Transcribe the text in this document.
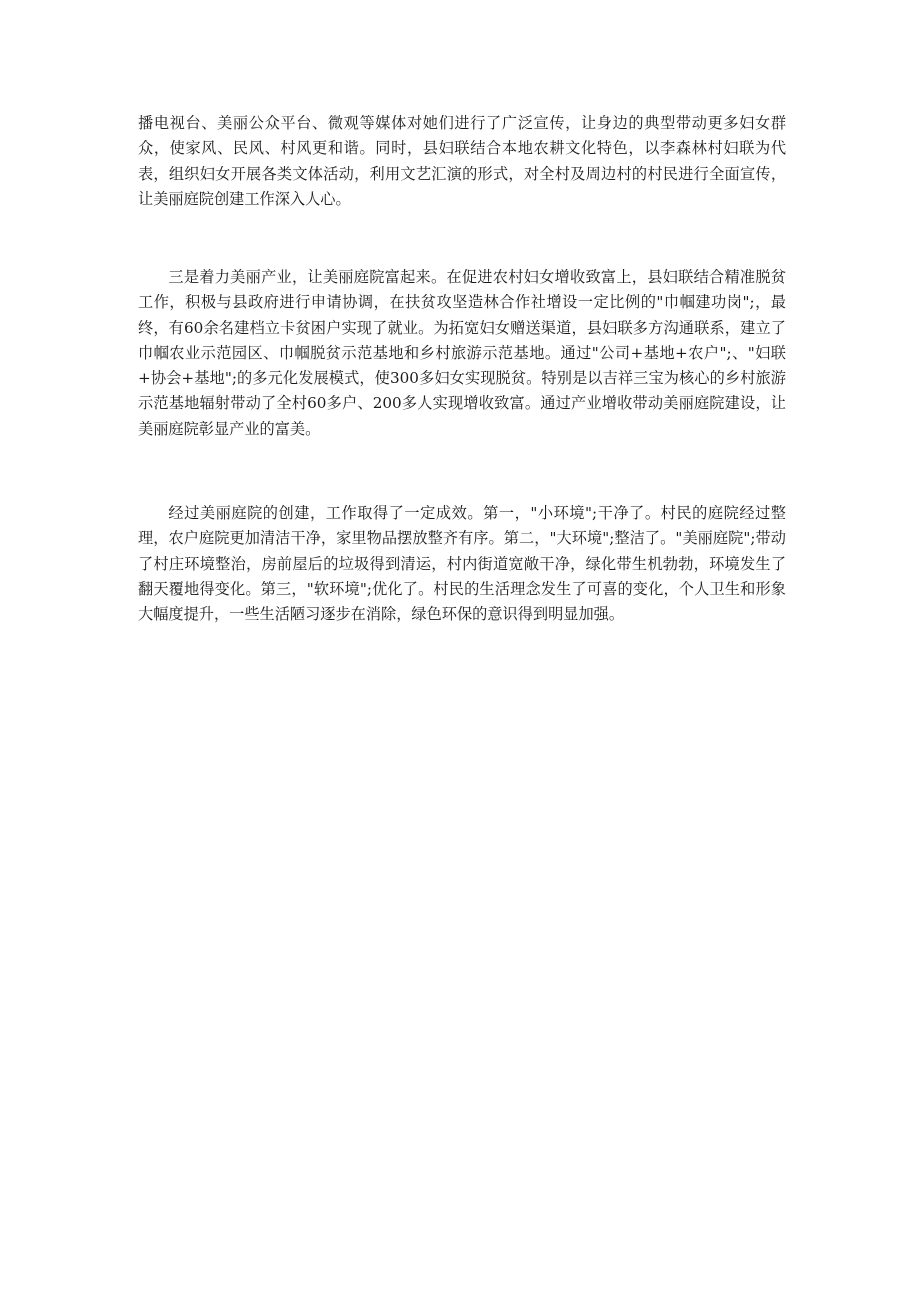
播电视台、美丽公众平台、微观等媒体对她们进行了广泛宣传，让身边的典型带动更多妇女群众，使家风、民风、村风更和谐。同时，县妇联结合本地农耕文化特色，以李森林村妇联为代表，组织妇女开展各类文体活动，利用文艺汇演的形式，对全村及周边村的村民进行全面宣传，让美丽庭院创建工作深入人心。

三是着力美丽产业，让美丽庭院富起来。在促进农村妇女增收致富上，县妇联结合精准脱贫工作，积极与县政府进行申请协调，在扶贫攻坚造林合作社增设一定比例的"巾帼建功岗";，最终，有60余名建档立卡贫困户实现了就业。为拓宽妇女赠送渠道，县妇联多方沟通联系，建立了巾帼农业示范园区、巾帼脱贫示范基地和乡村旅游示范基地。通过"公司+基地+农户";、"妇联+协会+基地";的多元化发展模式，使300多妇女实现脱贫。特别是以吉祥三宝为核心的乡村旅游示范基地辐射带动了全村60多户、200多人实现增收致富。通过产业增收带动美丽庭院建设，让美丽庭院彰显产业的富美。

经过美丽庭院的创建，工作取得了一定成效。第一，"小环境";干净了。村民的庭院经过整理，农户庭院更加清洁干净，家里物品摆放整齐有序。第二，"大环境";整洁了。"美丽庭院";带动了村庄环境整治，房前屋后的垃圾得到清运，村内街道宽敞干净，绿化带生机勃勃，环境发生了翻天覆地得变化。第三，"软环境";优化了。村民的生活理念发生了可喜的变化，个人卫生和形象大幅度提升，一些生活陋习逐步在消除，绿色环保的意识得到明显加强。
